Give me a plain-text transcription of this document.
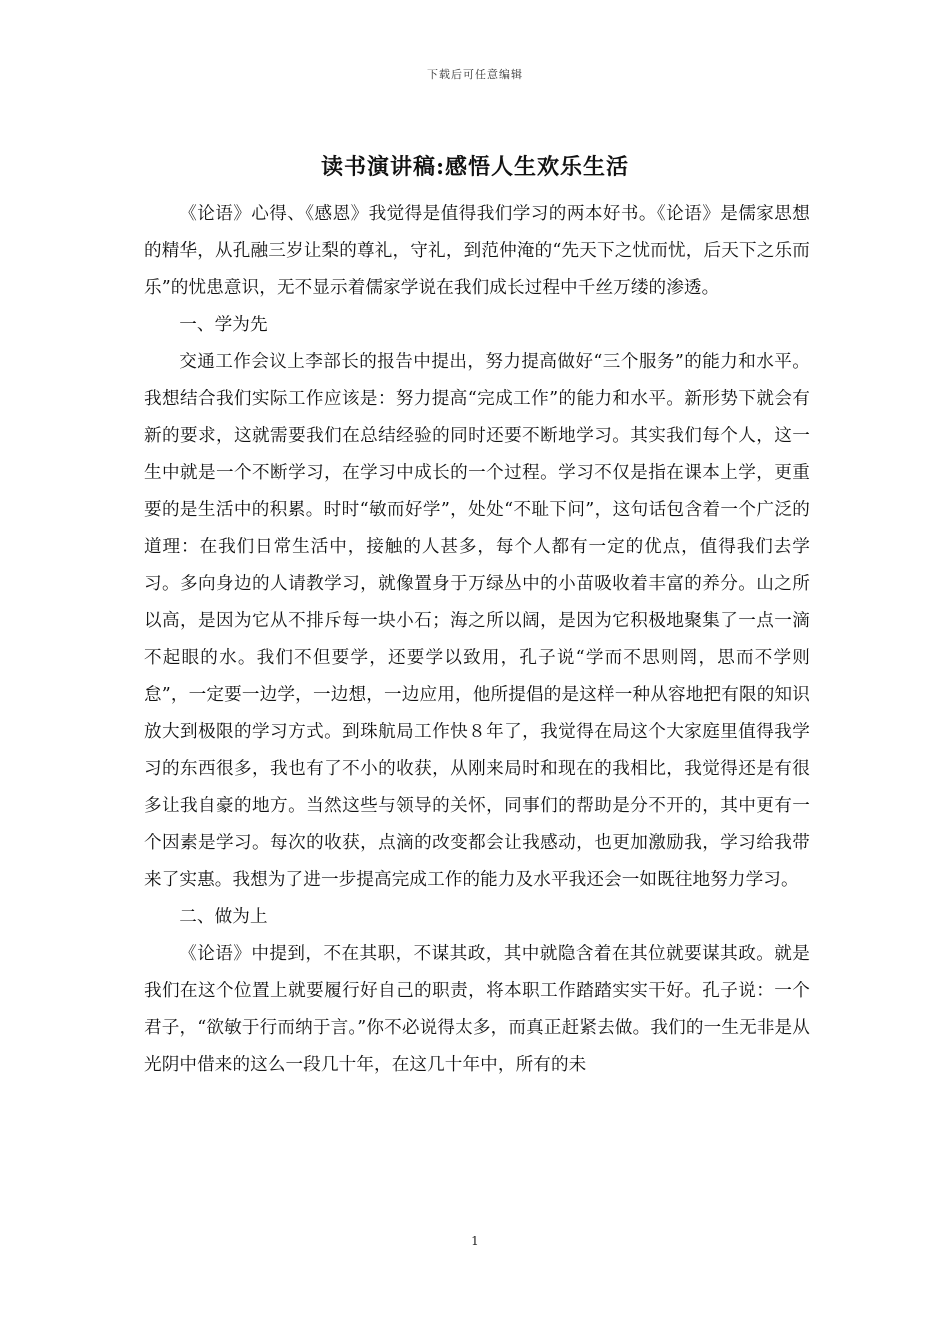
下载后可任意编辑
读书演讲稿:感悟人生欢乐生活

《论语》心得、《感恩》我觉得是值得我们学习的两本好书。《论语》是儒家思想的精华，从孔融三岁让梨的尊礼，守礼，到范仲淹的“先天下之忧而忧，后天下之乐而乐”的忧患意识，无不显示着儒家学说在我们成长过程中千丝万缕的渗透。

一、学为先

交通工作会议上李部长的报告中提出，努力提高做好“三个服务”的能力和水平。我想结合我们实际工作应该是：努力提高“完成工作”的能力和水平。新形势下就会有新的要求，这就需要我们在总结经验的同时还要不断地学习。其实我们每个人，这一生中就是一个不断学习，在学习中成长的一个过程。学习不仅是指在课本上学，更重要的是生活中的积累。时时“敏而好学”，处处“不耻下问”，这句话包含着一个广泛的道理：在我们日常生活中，接触的人甚多，每个人都有一定的优点，值得我们去学习。多向身边的人请教学习，就像置身于万绿丛中的小苗吸收着丰富的养分。山之所以高，是因为它从不排斥每一块小石；海之所以阔，是因为它积极地聚集了一点一滴不起眼的水。我们不但要学，还要学以致用，孔子说“学而不思则罔，思而不学则怠”，一定要一边学，一边想，一边应用，他所提倡的是这样一种从容地把有限的知识放大到极限的学习方式。到珠航局工作快８年了，我觉得在局这个大家庭里值得我学习的东西很多，我也有了不小的收获，从刚来局时和现在的我相比，我觉得还是有很多让我自豪的地方。当然这些与领导的关怀，同事们的帮助是分不开的，其中更有一个因素是学习。每次的收获，点滴的改变都会让我感动，也更加激励我，学习给我带来了实惠。我想为了进一步提高完成工作的能力及水平我还会一如既往地努力学习。

二、做为上

《论语》中提到，不在其职，不谋其政，其中就隐含着在其位就要谋其政。就是我们在这个位置上就要履行好自己的职责，将本职工作踏踏实实干好。孔子说：一个君子，“欲敏于行而纳于言。”你不必说得太多，而真正赶紧去做。我们的一生无非是从光阴中借来的这么一段几十年，在这几十年中，所有的未

1
